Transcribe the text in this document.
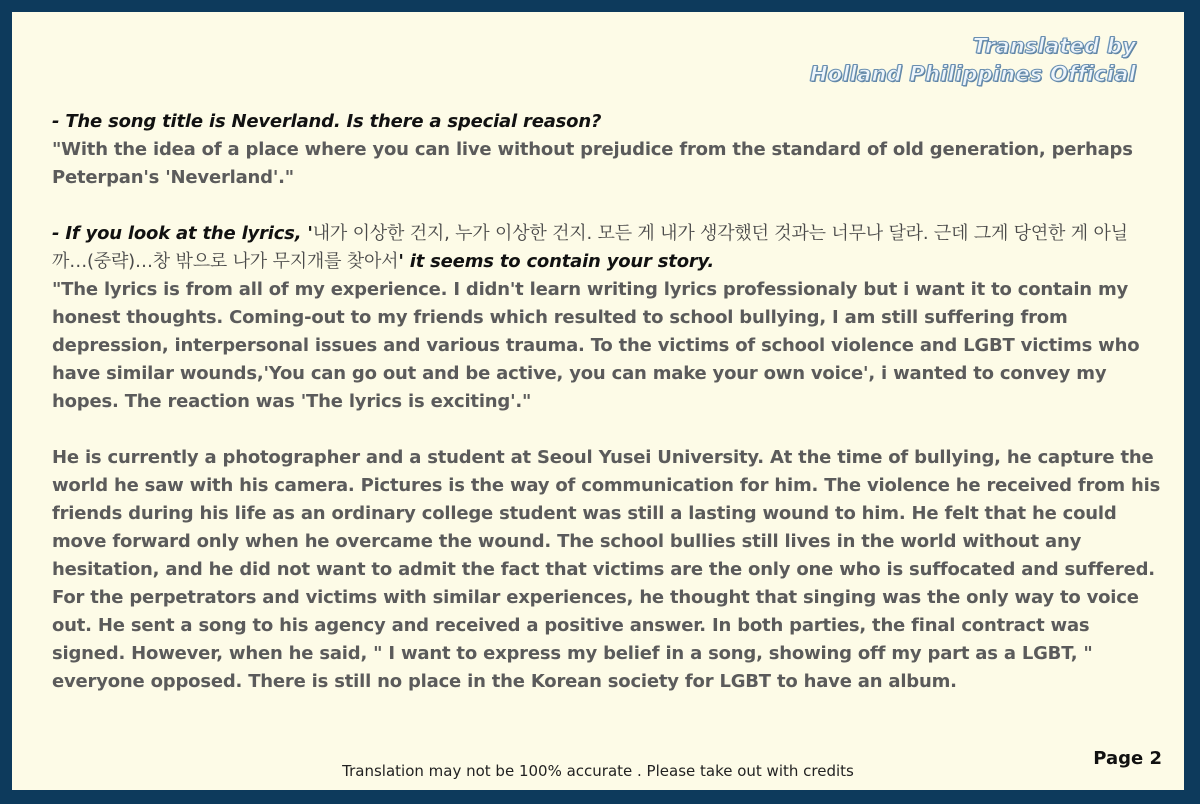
Translated by
Holland Philippines Official

- The song title is Neverland. Is there a special reason?

"With the idea of a place where you can live without prejudice from the standard of old generation, perhaps Peterpan's 'Neverland'."

- If you look at the lyrics, '내가 이상한 건지, 누가 이상한 건지. 모든 게 내가 생각했던 것과는 너무나 달라. 근데 그게 당연한 게 아닐까…(중략)…창 밖으로 나가 무지개를 찾아서' it seems to contain your story.

"The lyrics is from all of my experience. I didn't learn writing lyrics professionaly but i want it to contain my honest thoughts. Coming-out to my friends which resulted to school bullying, I am still suffering from depression, interpersonal issues and various trauma. To the victims of school violence and LGBT victims who have similar wounds,'You can go out and be active, you can make your own voice', i wanted to convey my hopes. The reaction was 'The lyrics is exciting'."

He is currently a photographer and a student at Seoul Yusei University. At the time of bullying, he capture the world he saw with his camera. Pictures is the way of communication for him. The violence he received from his friends during his life as an ordinary college student was still a lasting wound to him. He felt that he could move forward only when he overcame the wound. The school bullies still lives in the world without any hesitation, and he did not want to admit the fact that victims are the only one who is suffocated and suffered. For the perpetrators and victims with similar experiences, he thought that singing was the only way to voice out. He sent a song to his agency and received a positive answer. In both parties, the final contract was signed. However, when he said, " I want to express my belief in a song, showing off my part as a LGBT, " everyone opposed. There is still no place in the Korean society for LGBT to have an album.

Translation may not be 100% accurate . Please take out with credits
Page 2
